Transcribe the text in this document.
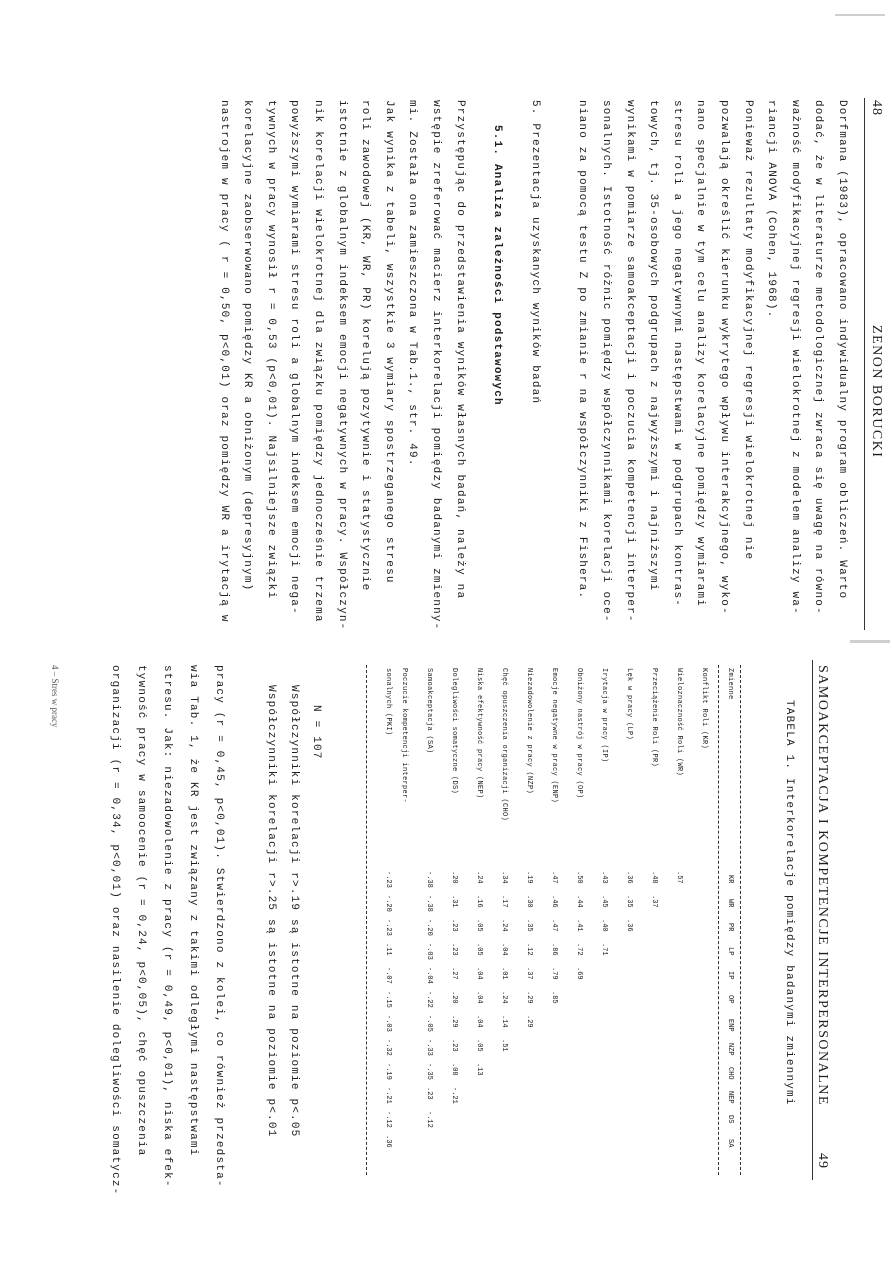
48
ZENON BORUCKI
Dorfmana (1983), opracowano indywidualny program obliczeń. Warto
dodać, że w literaturze metodologicznej zwraca się uwagę na równo-
ważność modyfikacyjnej regresji wielokrotnej z modelem analizy wa-
riancji ANOVA (Cohen, 1968).
Ponieważ rezultaty modyfikacyjnej regresji wielokrotnej nie
pozwalają określić kierunku wykrytego wpływu interakcyjnego, wyko-
nano specjalnie w tym celu analizy korelacyjne pomiędzy wymiarami
stresu roli a jego negatywnymi następstwami w podgrupach kontras-
towych, tj. 35-osobowych podgrupach z najwyższymi i najniższymi
wynikami w pomiarze samoakceptacji i poczucia kompetencji interper-
sonalnych. Istotność różnic pomiędzy współczynnikami korelacji oce-
niano za pomocą testu Z po zmianie r na współczynniki z Fishera.
5. Prezentacja uzyskanych wyników badań
5.1. Analiza zależności podstawowych
Przystępując do przedstawienia wyników własnych badań, należy na
wstępie zreferować macierz interkorelacji pomiędzy badanymi zmienny-
mi. Została ona zamieszczona w Tab.1., str. 49.
Jak wynika z tabeli, wszystkie 3 wymiary spostrzeganego stresu
roli zawodowej (KR, WR, PR) korelują pozytywnie i statystycznie
istotnie z globalnym indeksem emocji negatywnych w pracy. Współczyn-
nik korelacji wielokrotnej dla związku pomiędzy jednocześnie trzema
powyższymi wymiarami stresu roli a globalnym indeksem emocji nega-
tywnych w pracy wynosił r = 0,53 (p<0,01). Najsilniejsze związki
korelacyjne zaobserwowano pomiędzy KR a obniżonym (depresyjnym)
nastrojem w pracy ( r = 0,50, p<0,01) oraz pomiędzy WR a irytacją w
4 – Stres w pracy	SAMOAKCEPTACJA I KOMPETENCJE INTERPERSONALNE
49
TABELA 1. Interkorelacje pomiędzy badanymi zmiennymi
Zmienne
KR
WR
PR
LP
IP
OP
ENP
NZP
CHO
NEP
DS
SA
Konflikt Roli (KR)
Wieloznaczność Roli (WR)
.57
Przeciążenie Roli (PR)
.48
.37
Lęk w pracy (LP)
.36
.35
.36
Irytacja w pracy (IP)
.43
.45
.40
.71
Obniżony nastrój w pracy (OP)
.50
.44
.41
.72
.69
Emocje negatywne w pracy (ENP)
.47
.46
.47
.86
.79
.85
Niezadowolenie z pracy (NZP)
.19
.30
.35
.12
.37
.29
.29
Chęć opuszczenia organizacji (CHO)
.34
.17
.24
.04
.01
.24
.14
.51
Niska efektywność pracy (NEP)
.24
.16
.05
.05
.04
.04
.04
.05
.13
Dolegliwości somatyczne (DS)
.20
.31
.23
.23
.27
.20
.29
.23
.08
-.21
Samoakceptacja (SA)
-.38
-.38
-.20
-.03
-.04
-.22
-.05
-.33
-.35
.23
-.12
Poczucie kompetencji interper-
sonalnych (PKI)
-.23
-.20
-.23
.11
-.07
-.15
-.03
-.32
-.19
-.21
-.12
.36
N = 107
Współczynniki korelacji r>.19 są istotne na poziomie p<.05
Współczynniki korelacji r>.25 są istotne na poziomie p<.01
pracy (r = 0,45, p<0,01). Stwierdzono z kolei, co również przedsta-
wia Tab. 1, że KR jest związany z takimi odległymi następstwami
stresu. Jak: niezadowolenie z pracy (r = 0,49, p<0,01), niska efek-
tywność pracy w samoocenie (r = 0,24, p<0,05), chęć opuszczenia
organizacji (r = 0,34, p<0,01) oraz nasilenie dolegliwości somatycz-
